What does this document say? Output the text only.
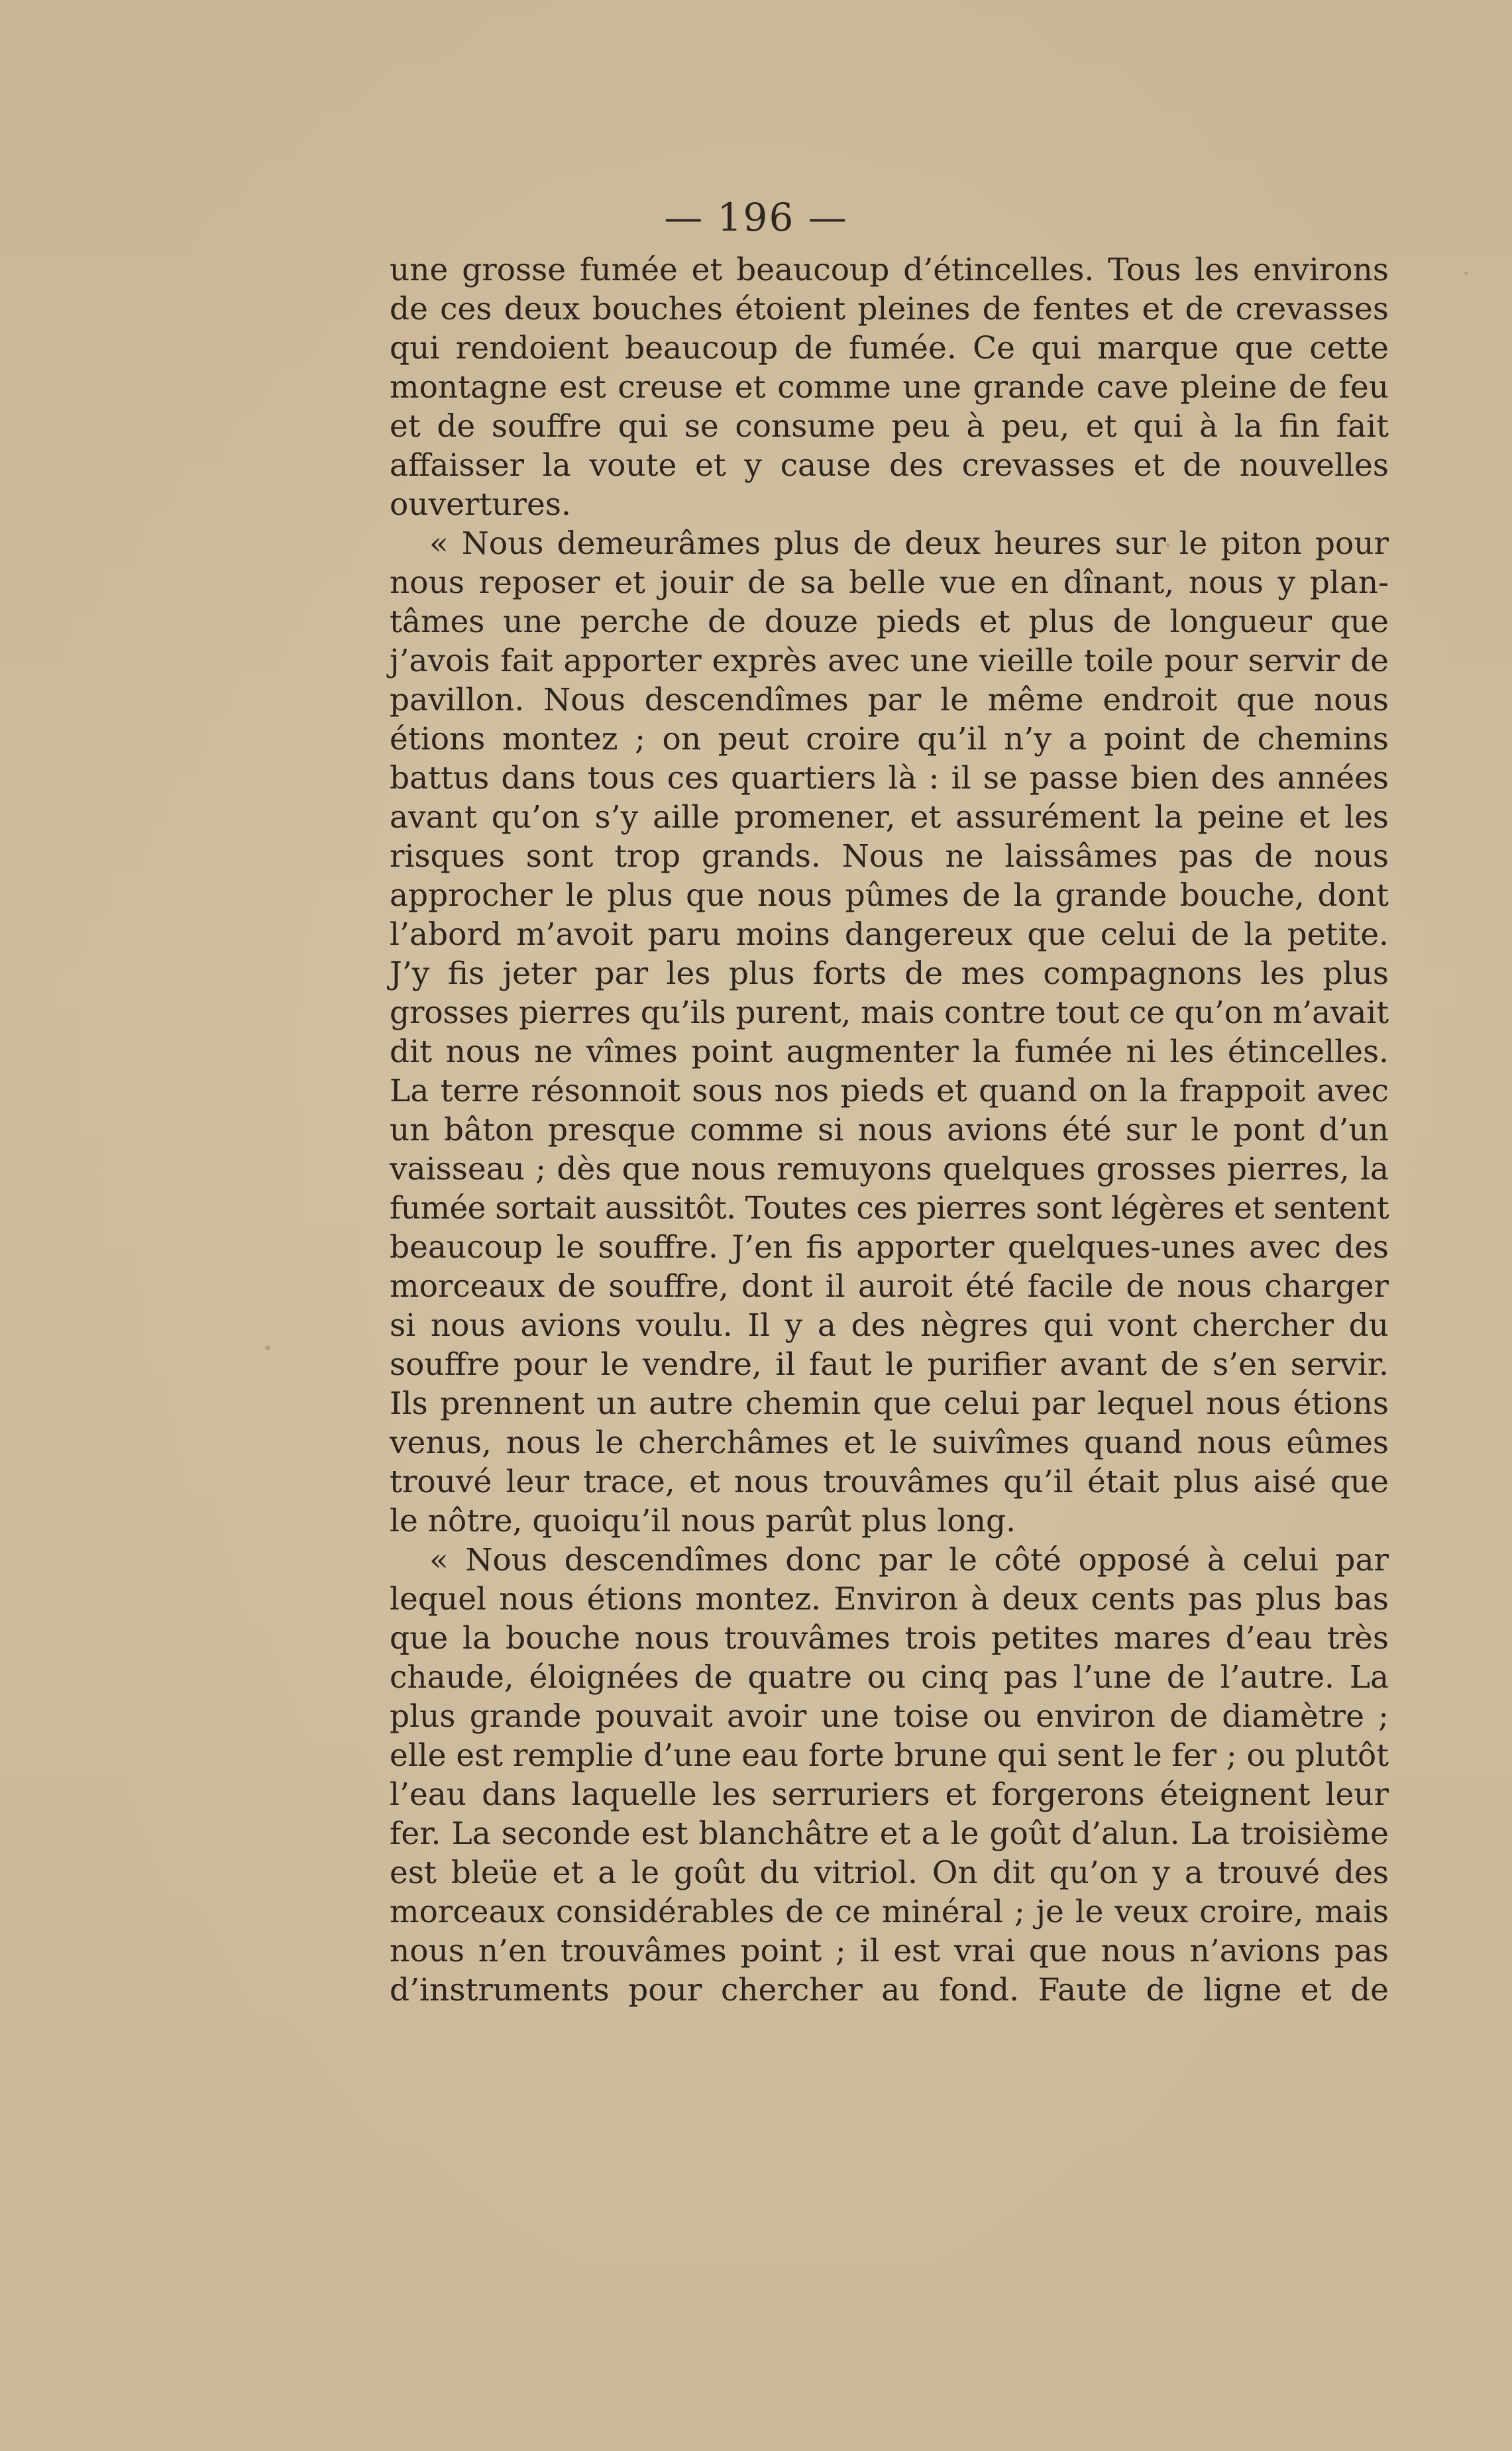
— 196 —
une grosse fumée et beaucoup d’étincelles. Tous les environs
de ces deux bouches étoient pleines de fentes et de crevasses
qui rendoient beaucoup de fumée. Ce qui marque que cette
montagne est creuse et comme une grande cave pleine de feu
et de souffre qui se consume peu à peu, et qui à la fin fait
affaisser la voute et y cause des crevasses et de nouvelles
ouvertures.
« Nous demeurâmes plus de deux heures sur le piton pour
nous reposer et jouir de sa belle vue en dînant, nous y plan-
tâmes une perche de douze pieds et plus de longueur que
j’avois fait apporter exprès avec une vieille toile pour servir de
pavillon. Nous descendîmes par le même endroit que nous
étions montez ; on peut croire qu’il n’y a point de chemins
battus dans tous ces quartiers là : il se passe bien des années
avant qu’on s’y aille promener, et assurément la peine et les
risques sont trop grands. Nous ne laissâmes pas de nous
approcher le plus que nous pûmes de la grande bouche, dont
l’abord m’avoit paru moins dangereux que celui de la petite.
J’y fis jeter par les plus forts de mes compagnons les plus
grosses pierres qu’ils purent, mais contre tout ce qu’on m’avait
dit nous ne vîmes point augmenter la fumée ni les étincelles.
La terre résonnoit sous nos pieds et quand on la frappoit avec
un bâton presque comme si nous avions été sur le pont d’un
vaisseau ; dès que nous remuyons quelques grosses pierres, la
fumée sortait aussitôt. Toutes ces pierres sont légères et sentent
beaucoup le souffre. J’en fis apporter quelques-unes avec des
morceaux de souffre, dont il auroit été facile de nous charger
si nous avions voulu. Il y a des nègres qui vont chercher du
souffre pour le vendre, il faut le purifier avant de s’en servir.
Ils prennent un autre chemin que celui par lequel nous étions
venus, nous le cherchâmes et le suivîmes quand nous eûmes
trouvé leur trace, et nous trouvâmes qu’il était plus aisé que
le nôtre, quoiqu’il nous parût plus long.
« Nous descendîmes donc par le côté opposé à celui par
lequel nous étions montez. Environ à deux cents pas plus bas
que la bouche nous trouvâmes trois petites mares d’eau très
chaude, éloignées de quatre ou cinq pas l’une de l’autre. La
plus grande pouvait avoir une toise ou environ de diamètre ;
elle est remplie d’une eau forte brune qui sent le fer ; ou plutôt
l’eau dans laquelle les serruriers et forgerons éteignent leur
fer. La seconde est blanchâtre et a le goût d’alun. La troisième
est bleüe et a le goût du vitriol. On dit qu’on y a trouvé des
morceaux considérables de ce minéral ; je le veux croire, mais
nous n’en trouvâmes point ; il est vrai que nous n’avions pas
d’instruments pour chercher au fond. Faute de ligne et de
